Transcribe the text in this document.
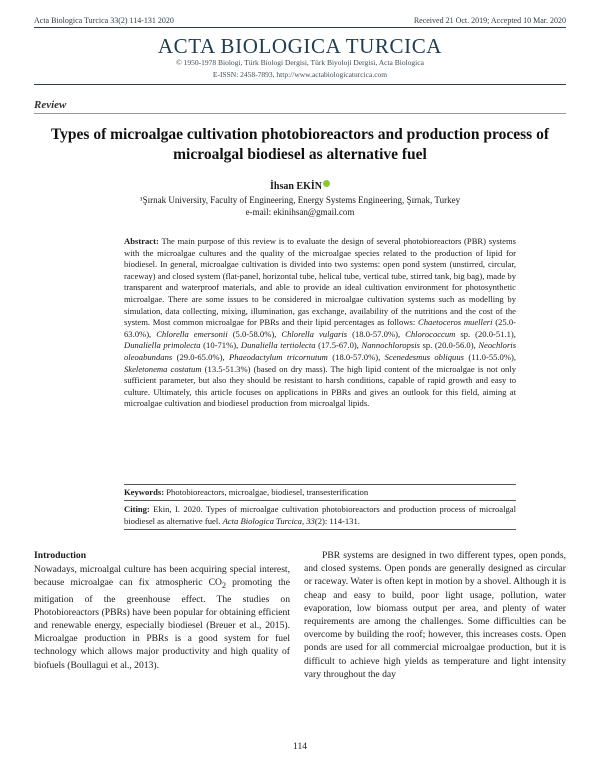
Acta Biologica Turcica 33(2) 114-131 2020	Received 21 Oct. 2019; Accepted 10 Mar. 2020
ACTA BIOLOGICA TURCICA
© 1950-1978 Biologi, Türk Biologi Dergisi, Türk Biyoloji Dergisi, Acta Biologica
E-ISSN: 2458-7893, http://www.actabiologicaturcica.com
Review
Types of microalgae cultivation photobioreactors and production process of microalgal biodiesel as alternative fuel
İhsan EKİN
¹Şırnak University, Faculty of Engineering, Energy Systems Engineering, Şırnak, Turkey
e-mail: ekinihsan@gmail.com

Abstract: The main purpose of this review is to evaluate the design of several photobioreactors (PBR) systems with the microalgae cultures and the quality of the microalgae species related to the production of lipid for biodiesel. In general, microalgae cultivation is divided into two systems: open pond system (unstirred, circular, raceway) and closed system (flat-panel, horizontal tube, helical tube, vertical tube, stirred tank, big bag), made by transparent and waterproof materials, and able to provide an ideal cultivation environment for photosynthetic microalgae. There are some issues to be considered in microalgae cultivation systems such as modelling by simulation, data collecting, mixing, illumination, gas exchange, availability of the nutritions and the cost of the system. Most common microalgae for PBRs and their lipid percentages as follows: Chaetoceros muelleri (25.0-63.0%), Chlorella emersonii (5.0-58.0%), Chlorella vulgaris (18.0-57.0%), Chlorococcum sp. (20.0-51.1), Dunaliella primolecta (10-71%), Dunaliella tertiolecta (17.5-67.0), Nannochloropsis sp. (20.0-56.0), Neochloris oleoabundans (29.0-65.0%), Phaeodactylum tricornutum (18.0-57.0%), Scenedesmus obliquus (11.0-55.0%), Skeletonema costatum (13.5-51.3%) (based on dry mass). The high lipid content of the microalgae is not only sufficient parameter, but also they should be resistant to harsh conditions, capable of rapid growth and easy to culture. Ultimately, this article focuses on applications in PBRs and gives an outlook for this field, aiming at microalgae cultivation and biodiesel production from microalgal lipids.

Keywords: Photobioreactors, microalgae, biodiesel, transesterification
Citing: Ekin, I. 2020. Types of microalgae cultivation photobioreactors and production process of microalgal biodiesel as alternative fuel. Acta Biologica Turcica, 33(2): 114-131.
Introduction

Nowadays, microalgal culture has been acquiring special interest, because microalgae can fix atmospheric $CO_2$ promoting the mitigation of the greenhouse effect. The studies on Photobioreactors (PBRs) have been popular for obtaining efficient and renewable energy, especially biodiesel (Breuer et al., 2015). Microalgae production in PBRs is a good system for fuel technology which allows major productivity and high quality of biofuels (Boullagui et al., 2013).

PBR systems are designed in two different types, open ponds, and closed systems. Open ponds are generally designed as circular or raceway. Water is often kept in motion by a shovel. Although it is cheap and easy to build, poor light usage, pollution, water evaporation, low biomass output per area, and plenty of water requirements are among the challenges. Some difficulties can be overcome by building the roof; however, this increases costs. Open ponds are used for all commercial microalgae production, but it is difficult to achieve high yields as temperature and light intensity vary throughout the day

114
